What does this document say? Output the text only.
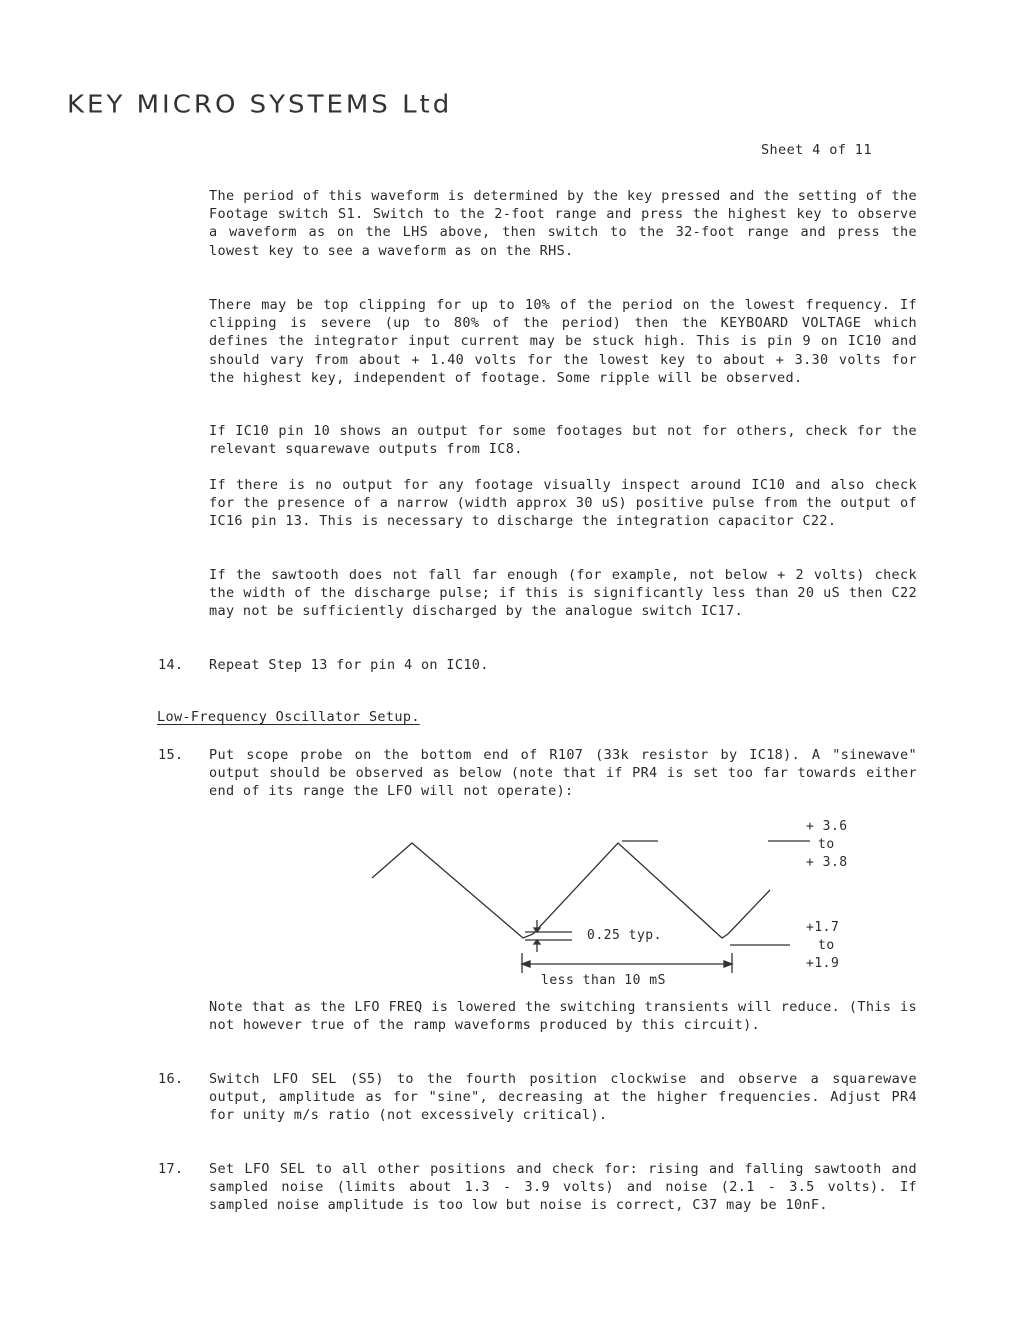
KEY MICRO SYSTEMS Ltd
Sheet 4 of 11

The period of this waveform is determined by the key pressed and the setting of the Footage switch S1. Switch to the 2-foot range and press the highest key to observe a waveform as on the LHS above, then switch to the 32-foot range and press the lowest key to see a waveform as on the RHS.

There may be top clipping for up to 10% of the period on the lowest frequency. If clipping is severe (up to 80% of the period) then the KEYBOARD VOLTAGE which defines the integrator input current may be stuck high. This is pin 9 on IC10 and should vary from about + 1.40 volts for the lowest key to about + 3.30 volts for the highest key, independent of footage. Some ripple will be observed.

If IC10 pin 10 shows an output for some footages but not for others, check for the relevant squarewave outputs from IC8.

If there is no output for any footage visually inspect around IC10 and also check for the presence of a narrow (width approx 30 uS) positive pulse from the output of IC16 pin 13. This is necessary to discharge the integration capacitor C22.

If the sawtooth does not fall far enough (for example, not below + 2 volts) check the width of the discharge pulse; if this is significantly less than 20 uS then C22 may not be sufficiently discharged by the analogue switch IC17.

14. Repeat Step 13 for pin 4 on IC10.

Low-Frequency Oscillator Setup.
15. Put scope probe on the bottom end of R107 (33k resistor by IC18). A "sinewave" output should be observed as below (note that if PR4 is set too far towards either end of its range the LFO will not operate):

+ 3.6
to
+ 3.8
+1.7
to
+1.9
0.25 typ.
less than 10 mS

Note that as the LFO FREQ is lowered the switching transients will reduce. (This is not however true of the ramp waveforms produced by this circuit).

16. Switch LFO SEL (S5) to the fourth position clockwise and observe a squarewave output, amplitude as for "sine", decreasing at the higher frequencies. Adjust PR4 for unity m/s ratio (not excessively critical).

17. Set LFO SEL to all other positions and check for: rising and falling sawtooth and sampled noise (limits about 1.3 - 3.9 volts) and noise (2.1 - 3.5 volts). If sampled noise amplitude is too low but noise is correct, C37 may be 10nF.
